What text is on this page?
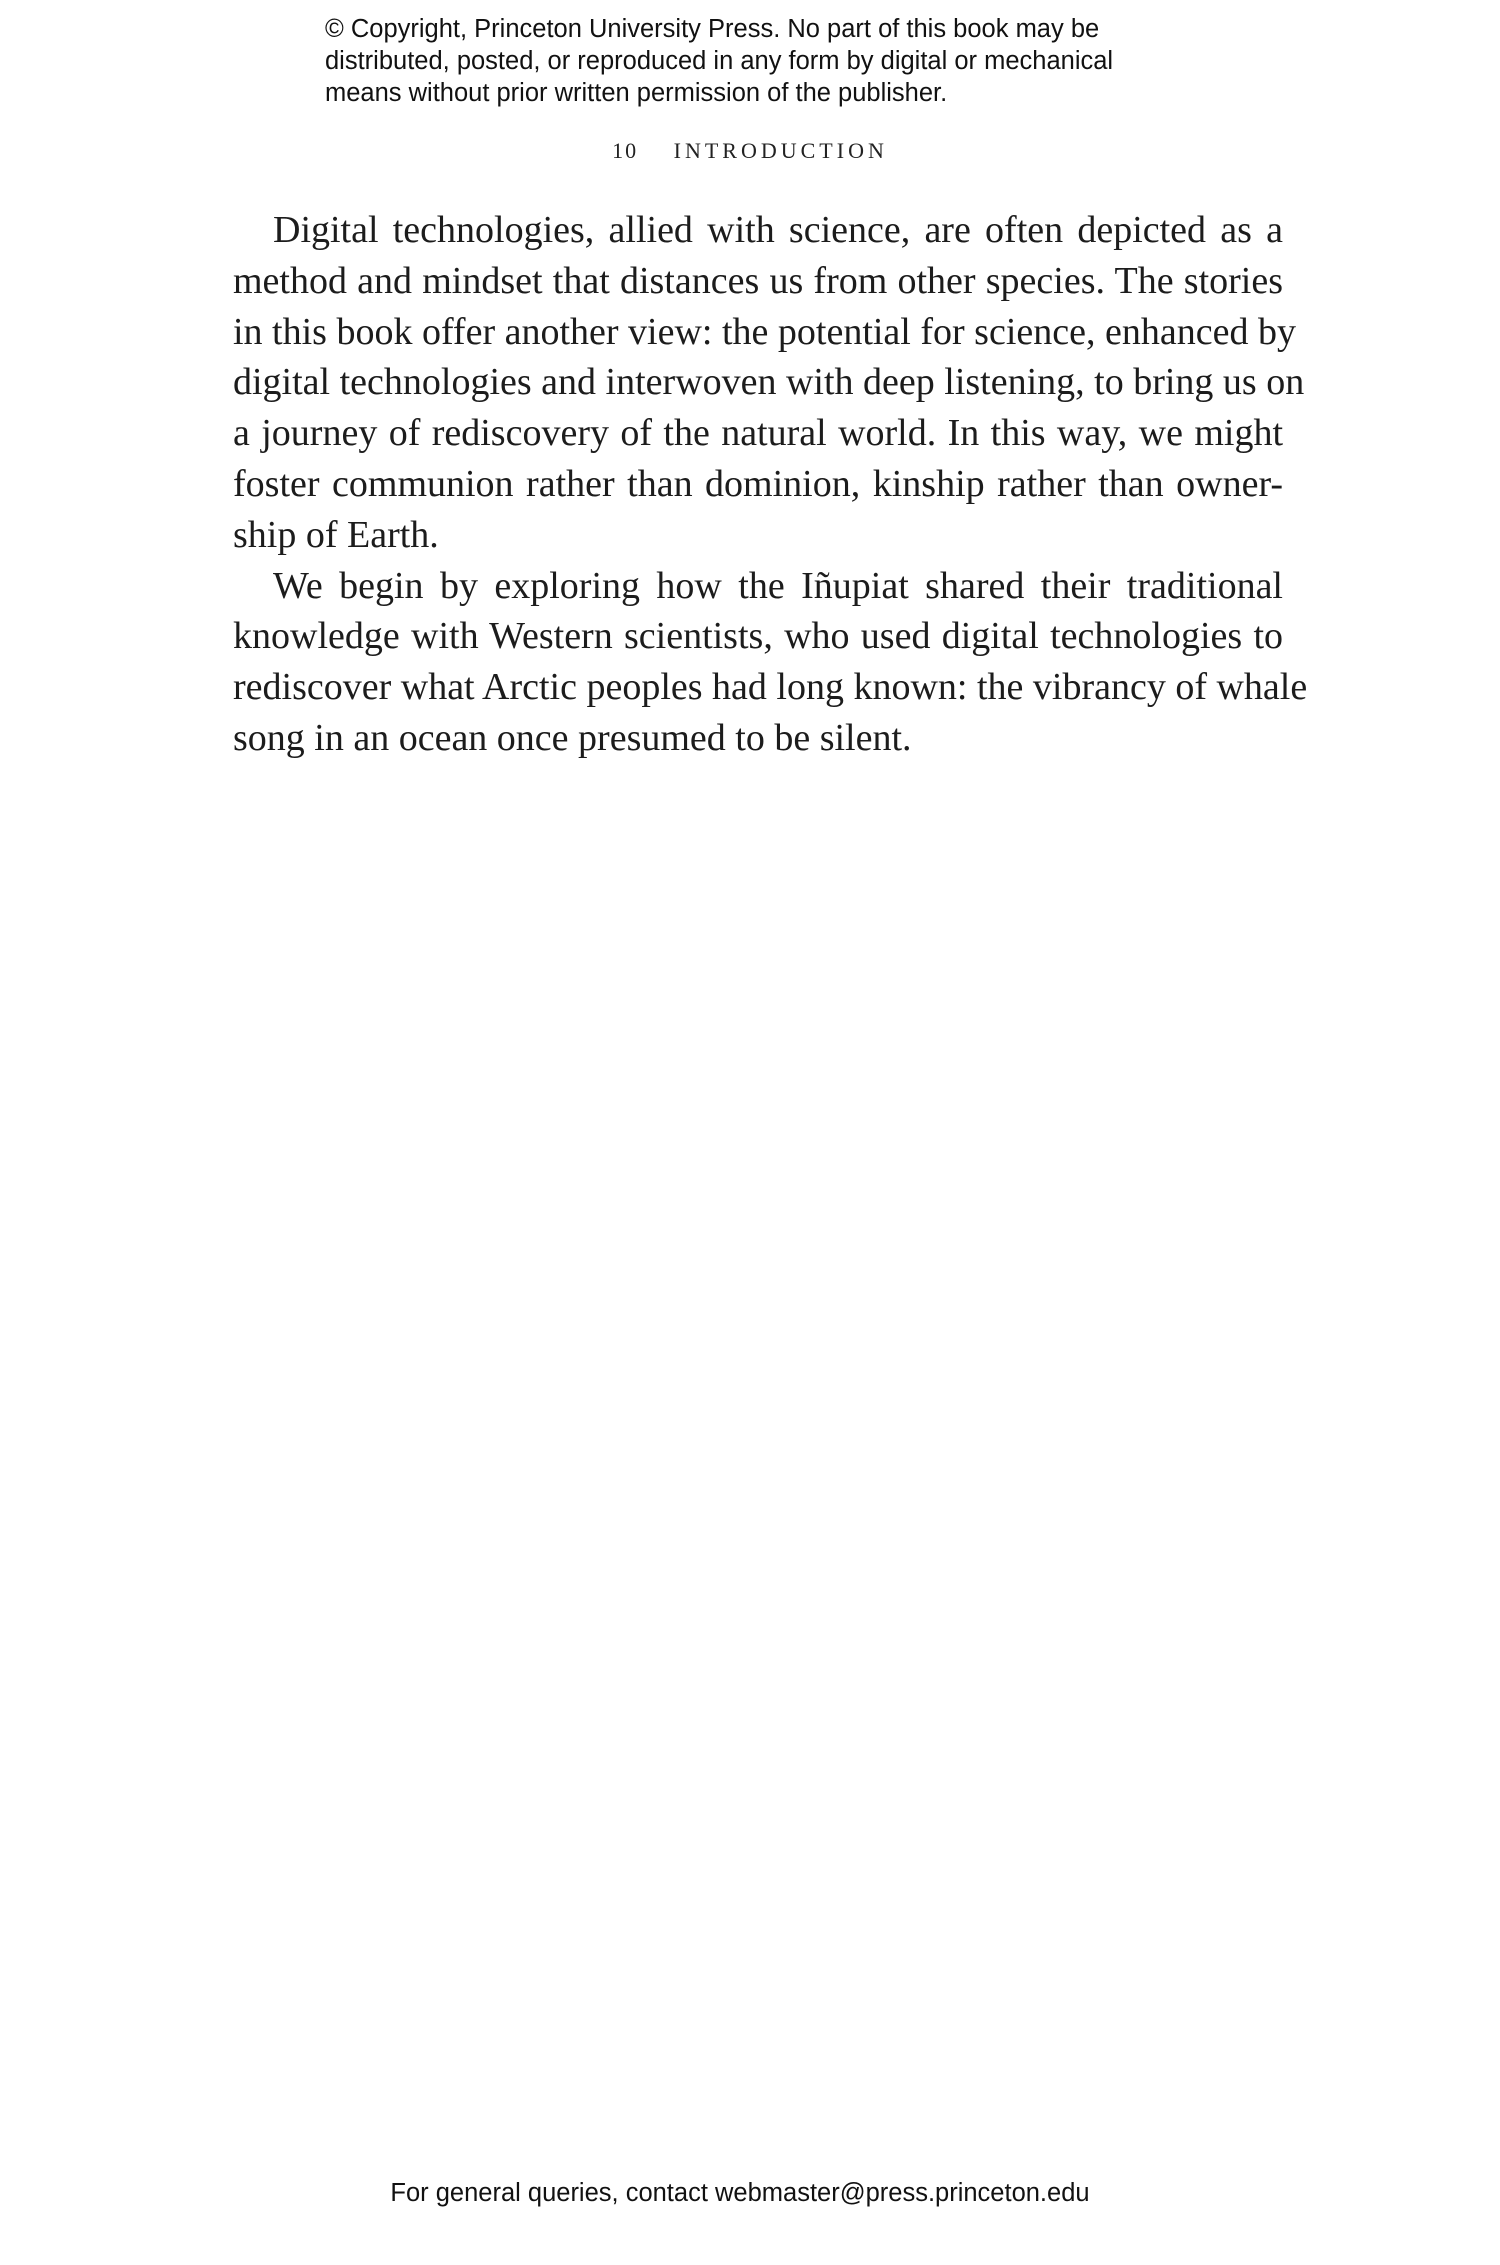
© Copyright, Princeton University Press. No part of this book may be
distributed, posted, or reproduced in any form by digital or mechanical
means without prior written permission of the publisher.
10 INTRODUCTION
Digital technologies, allied with science, are often depicted as a
method and mindset that distances us from other species. The stories
in this book offer another view: the potential for science, enhanced by
digital technologies and interwoven with deep listening, to bring us on
a journey of rediscovery of the natural world. In this way, we might
foster communion rather than dominion, kinship rather than owner-
ship of Earth.
We begin by exploring how the Iñupiat shared their traditional
knowledge with Western scientists, who used digital technologies to
rediscover what Arctic peoples had long known: the vibrancy of whale
song in an ocean once presumed to be silent.
For general queries, contact webmaster@press.princeton.edu
